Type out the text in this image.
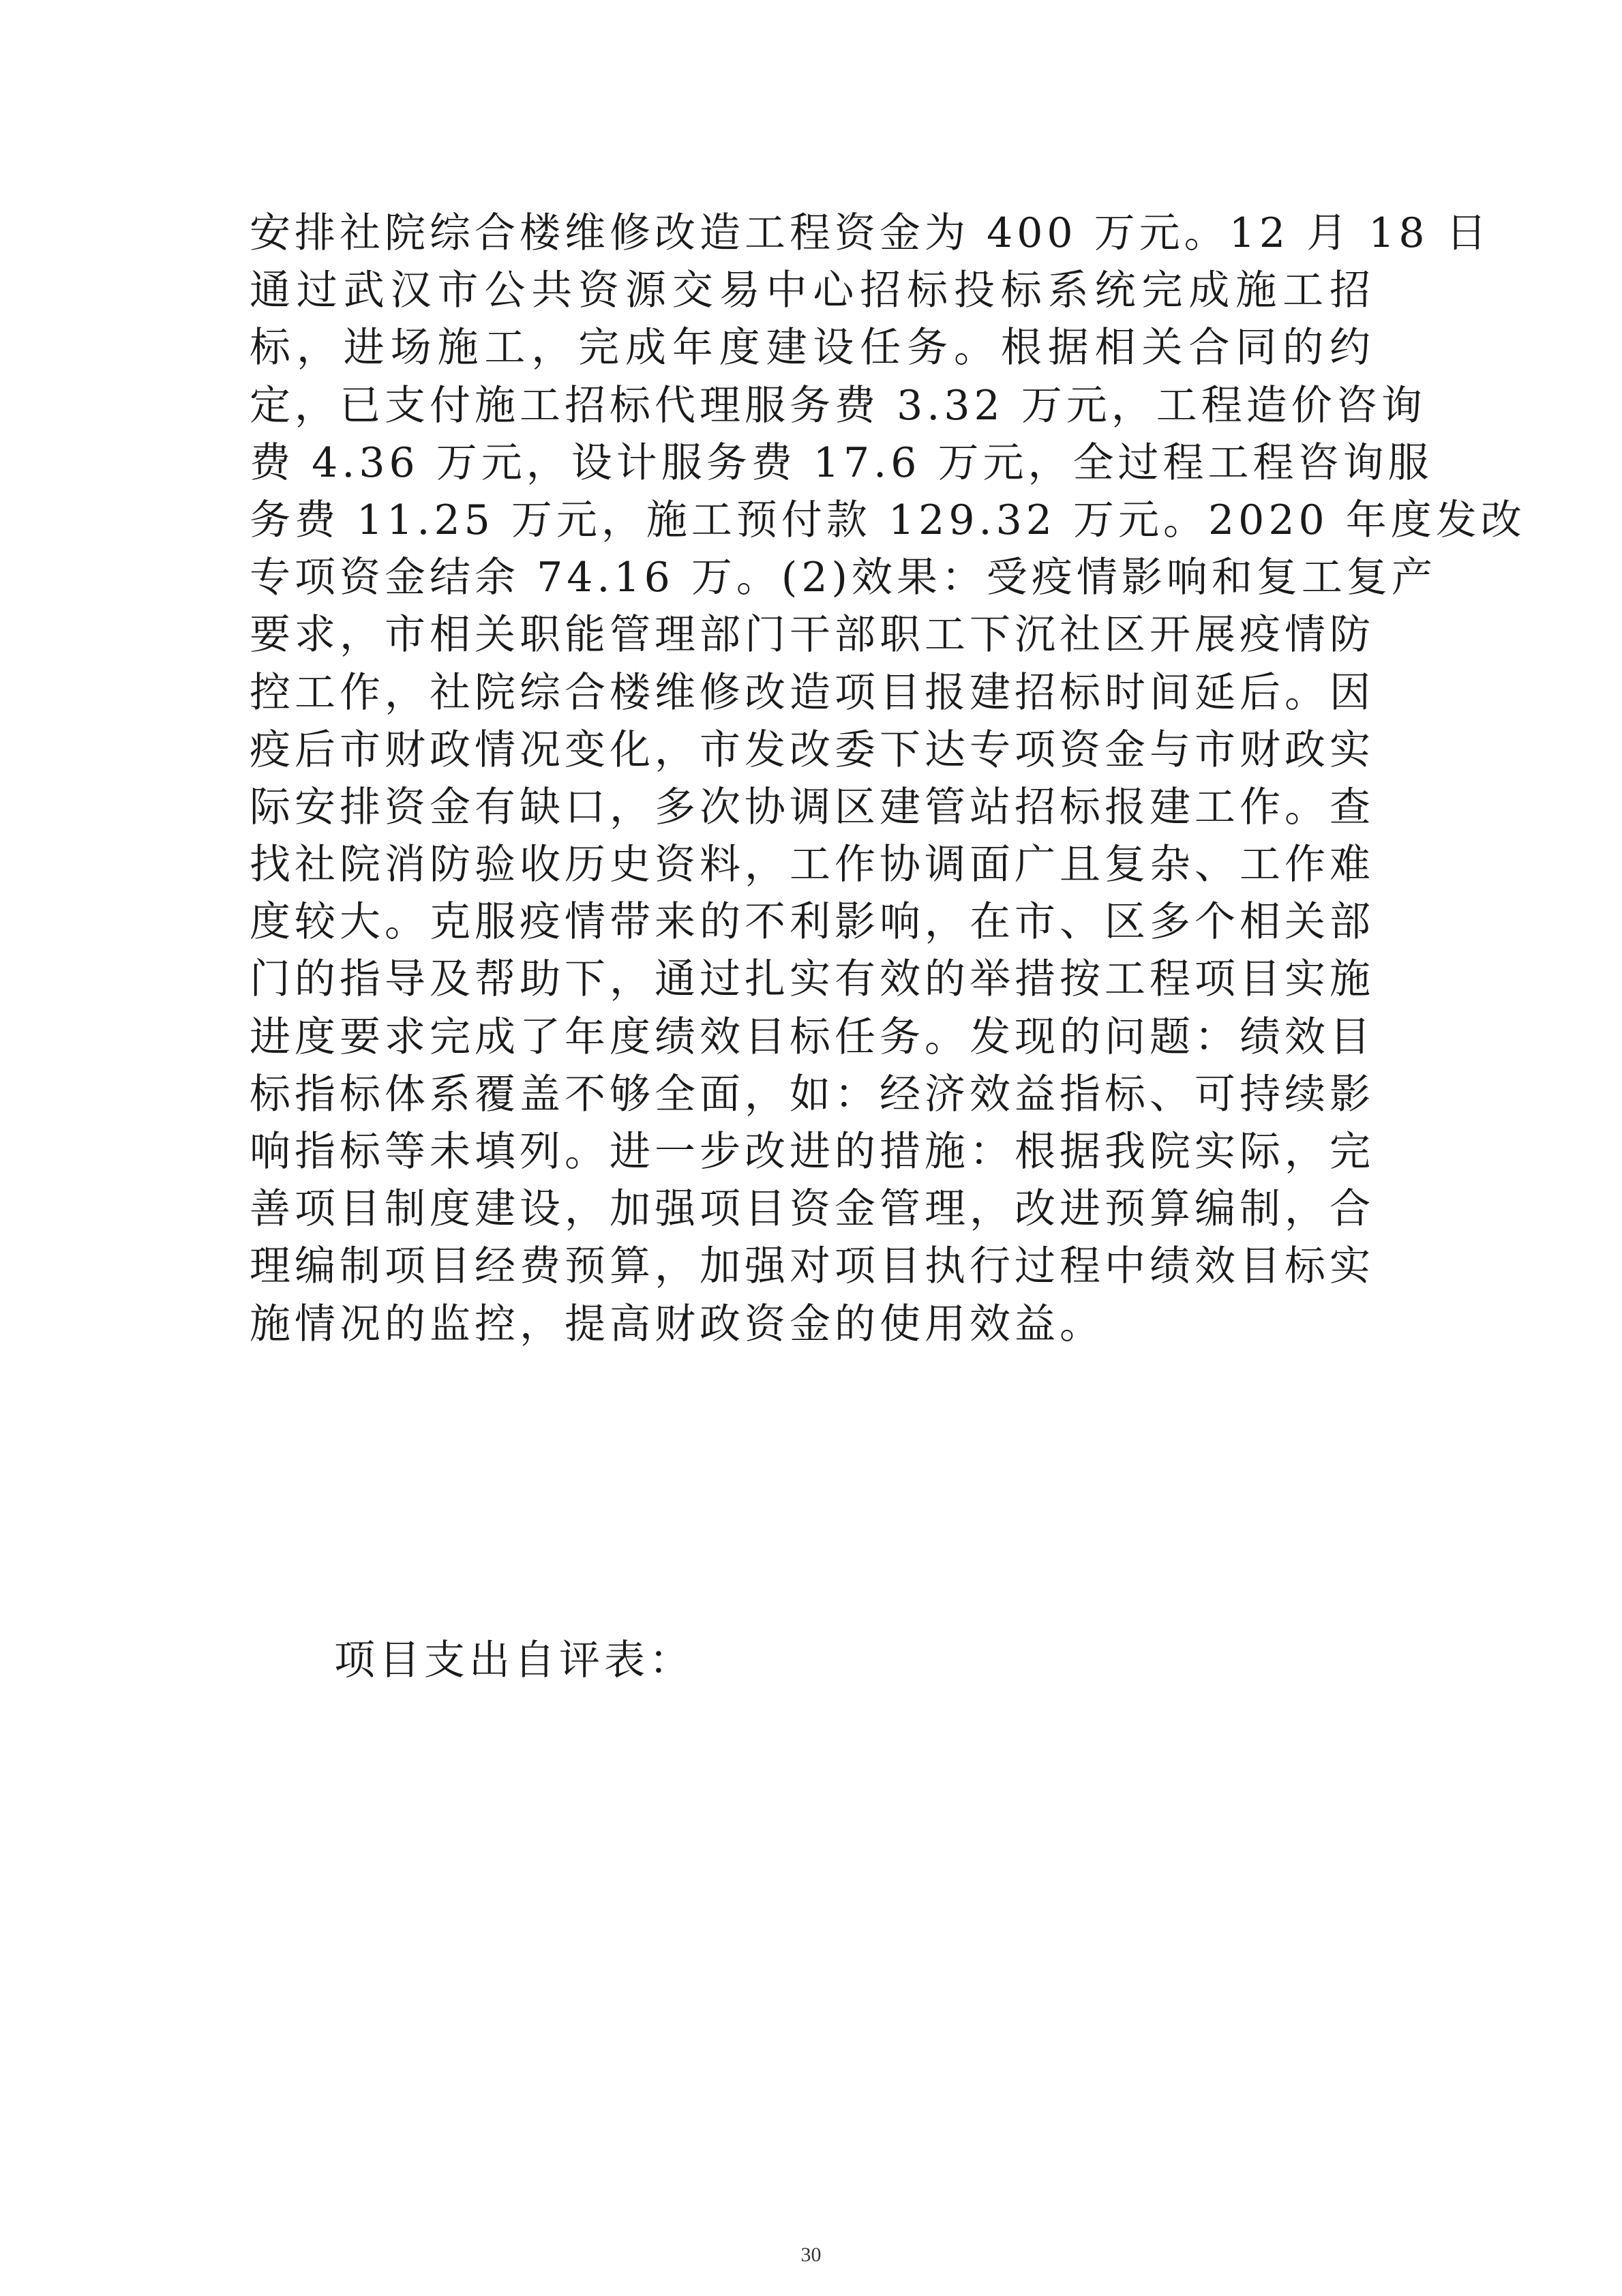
安排社院综合楼维修改造工程资金为 400 万元。12 月 18 日
通过武汉市公共资源交易中心招标投标系统完成施工招
标，进场施工，完成年度建设任务。根据相关合同的约
定，已支付施工招标代理服务费 3.32 万元，工程造价咨询
费 4.36 万元，设计服务费 17.6 万元，全过程工程咨询服
务费 11.25 万元，施工预付款 129.32 万元。2020 年度发改
专项资金结余 74.16 万。(2)效果：受疫情影响和复工复产
要求，市相关职能管理部门干部职工下沉社区开展疫情防
控工作，社院综合楼维修改造项目报建招标时间延后。因
疫后市财政情况变化，市发改委下达专项资金与市财政实
际安排资金有缺口，多次协调区建管站招标报建工作。查
找社院消防验收历史资料，工作协调面广且复杂、工作难
度较大。克服疫情带来的不利影响，在市、区多个相关部
门的指导及帮助下，通过扎实有效的举措按工程项目实施
进度要求完成了年度绩效目标任务。发现的问题：绩效目
标指标体系覆盖不够全面，如：经济效益指标、可持续影
响指标等未填列。进一步改进的措施：根据我院实际，完
善项目制度建设，加强项目资金管理，改进预算编制，合
理编制项目经费预算，加强对项目执行过程中绩效目标实
施情况的监控，提高财政资金的使用效益。
项目支出自评表：
30
